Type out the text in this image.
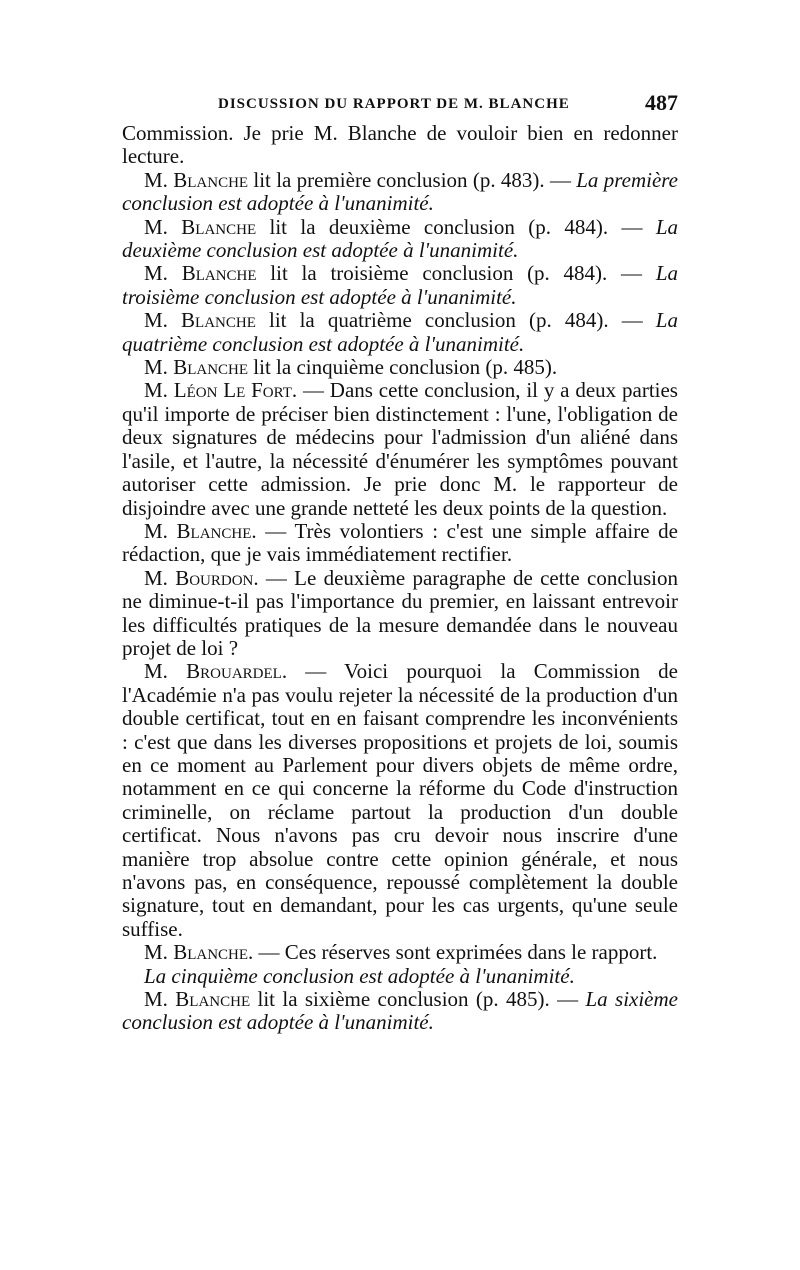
DISCUSSION DU RAPPORT DE M. BLANCHE	487

Commission. Je prie M. Blanche de vouloir bien en redonner lecture.

M. Blanche lit la première conclusion (p. 483). — La première conclusion est adoptée à l'unanimité.

M. Blanche lit la deuxième conclusion (p. 484). — La deuxième conclusion est adoptée à l'unanimité.

M. Blanche lit la troisième conclusion (p. 484). — La troisième conclusion est adoptée à l'unanimité.

M. Blanche lit la quatrième conclusion (p. 484). — La quatrième conclusion est adoptée à l'unanimité.

M. Blanche lit la cinquième conclusion (p. 485).

M. Léon Le Fort. — Dans cette conclusion, il y a deux parties qu'il importe de préciser bien distinctement : l'une, l'obligation de deux signatures de médecins pour l'admission d'un aliéné dans l'asile, et l'autre, la nécessité d'énumérer les symptômes pouvant autoriser cette admission. Je prie donc M. le rapporteur de disjoindre avec une grande netteté les deux points de la question.

M. Blanche. — Très volontiers : c'est une simple affaire de rédaction, que je vais immédiatement rectifier.

M. Bourdon. — Le deuxième paragraphe de cette conclusion ne diminue-t-il pas l'importance du premier, en laissant entrevoir les difficultés pratiques de la mesure demandée dans le nouveau projet de loi ?

M. Brouardel. — Voici pourquoi la Commission de l'Académie n'a pas voulu rejeter la nécessité de la production d'un double certificat, tout en en faisant comprendre les inconvénients : c'est que dans les diverses propositions et projets de loi, soumis en ce moment au Parlement pour divers objets de même ordre, notamment en ce qui concerne la réforme du Code d'instruction criminelle, on réclame partout la production d'un double certificat. Nous n'avons pas cru devoir nous inscrire d'une manière trop absolue contre cette opinion générale, et nous n'avons pas, en conséquence, repoussé complètement la double signature, tout en demandant, pour les cas urgents, qu'une seule suffise.

M. Blanche. — Ces réserves sont exprimées dans le rapport.

La cinquième conclusion est adoptée à l'unanimité.

M. Blanche lit la sixième conclusion (p. 485). — La sixième conclusion est adoptée à l'unanimité.
